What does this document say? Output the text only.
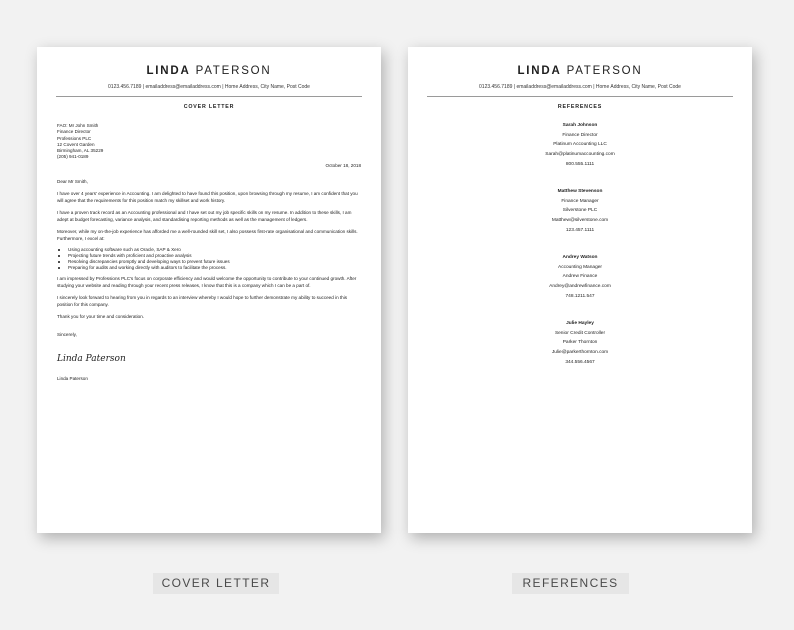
LINDA PATERSON
0123.456.7189 | emailaddress@emailaddress.com | Home Address, City Name, Post Code
COVER LETTER
FAO: Mr John Smith
Finance Director
Professions PLC
12 Covent Garden
Birmingham, AL 35229
(205) 941-0189
October 18, 2018

Dear Mr Smith,

I have over 4 years' experience in Accounting. I am delighted to have found this position, upon browsing through my resume, I am confident that you will agree that the requirements for this position match my skillset and work history.

I have a proven track record as an Accounting professional and I have set out my job specific skills on my resume. In addition to these skills, I am adept at budget forecasting, variance analysis, and standardising reporting methods as well as the management of ledgers.

Moreover, while my on-the-job experience has afforded me a well-rounded skill set, I also possess first-rate organisational and communication skills. Furthermore, I excel at:

Using accounting software such as Oracle, SAP & Xero
Projecting future trends with proficient and proactive analysis
Resolving discrepancies promptly and developing ways to prevent future issues
Preparing for audits and working directly with auditors to facilitate the process.

I am impressed by Professions PLC's focus on corporate efficiency and would welcome the opportunity to contribute to your continued growth. After studying your website and reading through your recent press releases, I know that this is a company which I can be a part of.

I sincerely look forward to hearing from you in regards to an interview whereby I would hope to further demonstrate my ability to succeed in this position for this company.

Thank you for your time and consideration.

Sincerely,
Linda Paterson
Linda Paterson
LINDA PATERSON
0123.456.7189 | emailaddress@emailaddress.com | Home Address, City Name, Post Code
REFERENCES
Sarah Johnson
Finance Director
Platinum Accounting LLC
Sarah@platinumaccounting.com
800.555.1111
Matthew Stevenson
Finance Manager
Silverstone PLC
Matthew@silverstone.com
123.457.1111
Andrey Watson
Accounting Manager
Andrew Finance
Andrey@andrewfinance.com
748.1211.547
Julie Hayley
Senior Credit Controller
Parker Thornton
Julie@parkerthornton.com
344.556.4567
COVER LETTER	REFERENCES
